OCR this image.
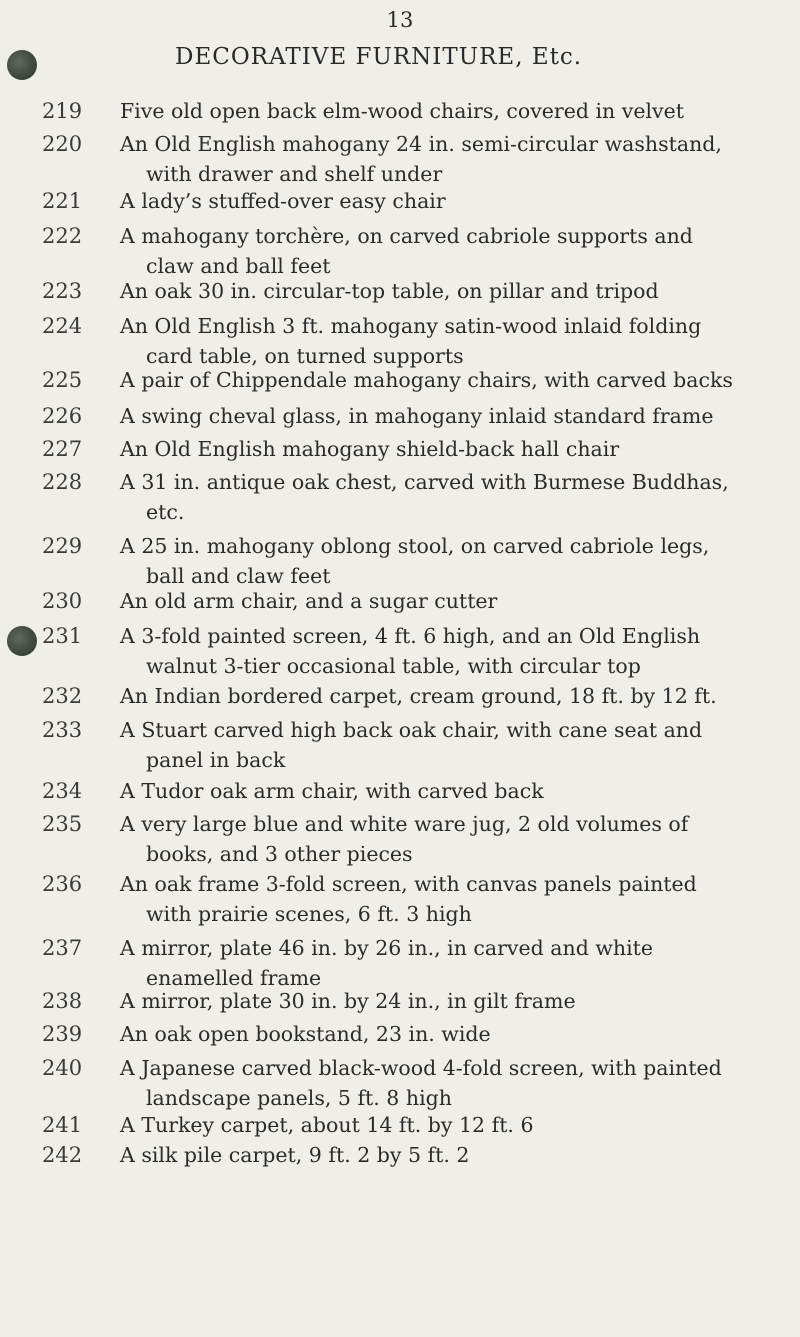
13
DECORATIVE FURNITURE, Etc.
219	Five old open back elm-wood chairs, covered in velvet
220	An Old English mahogany 24 in. semi-circular washstand,
with drawer and shelf under
221	A lady’s stuffed-over easy chair
222	A mahogany torchère, on carved cabriole supports and
claw and ball feet
223	An oak 30 in. circular-top table, on pillar and tripod
224	An Old English 3 ft. mahogany satin-wood inlaid folding
card table, on turned supports
225	A pair of Chippendale mahogany chairs, with carved backs
226	A swing cheval glass, in mahogany inlaid standard frame
227	An Old English mahogany shield-back hall chair
228	A 31 in. antique oak chest, carved with Burmese Buddhas,
etc.
229	A 25 in. mahogany oblong stool, on carved cabriole legs,
ball and claw feet
230	An old arm chair, and a sugar cutter
231	A 3-fold painted screen, 4 ft. 6 high, and an Old English
walnut 3-tier occasional table, with circular top
232	An Indian bordered carpet, cream ground, 18 ft. by 12 ft.
233	A Stuart carved high back oak chair, with cane seat and
panel in back
234	A Tudor oak arm chair, with carved back
235	A very large blue and white ware jug, 2 old volumes of
books, and 3 other pieces
236	An oak frame 3-fold screen, with canvas panels painted
with prairie scenes, 6 ft. 3 high
237	A mirror, plate 46 in. by 26 in., in carved and white
enamelled frame
238	A mirror, plate 30 in. by 24 in., in gilt frame
239	An oak open bookstand, 23 in. wide
240	A Japanese carved black-wood 4-fold screen, with painted
landscape panels, 5 ft. 8 high
241	A Turkey carpet, about 14 ft. by 12 ft. 6
242	A silk pile carpet, 9 ft. 2 by 5 ft. 2
